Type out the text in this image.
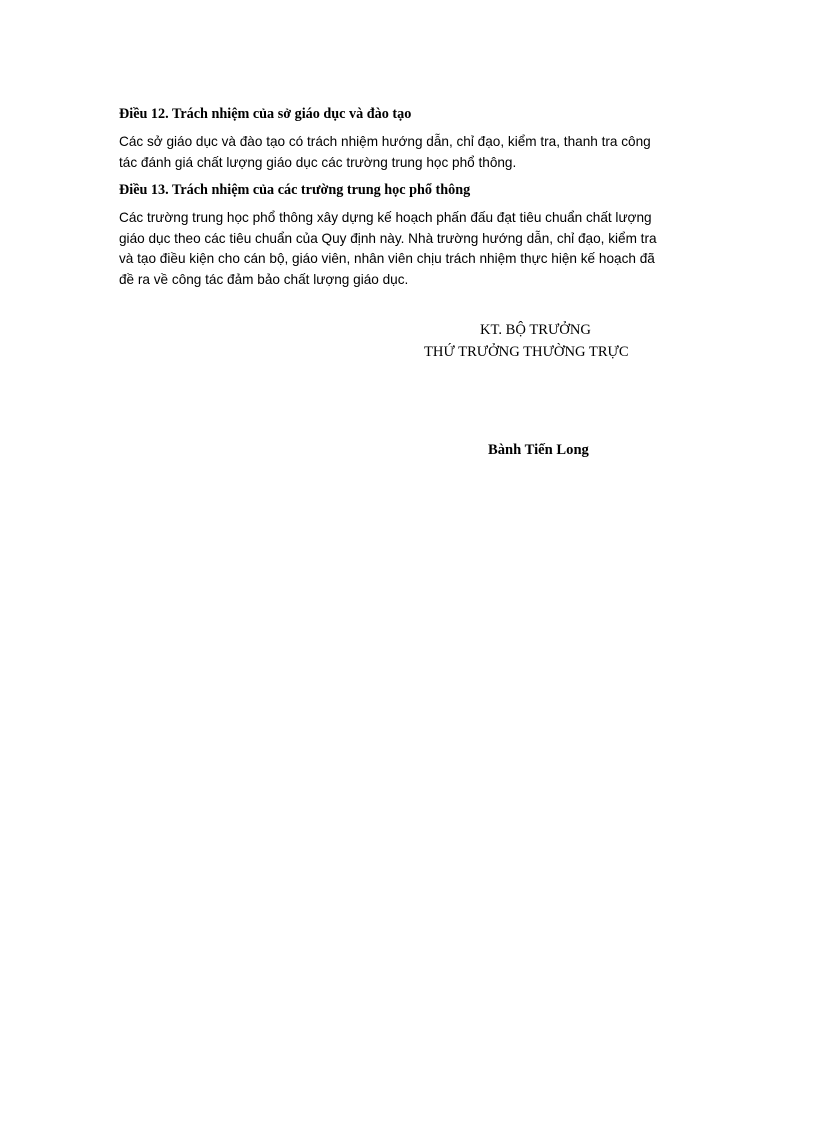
Điều 12. Trách nhiệm của sở giáo dục và đào tạo
Các sở giáo dục và đào tạo có trách nhiệm hướng dẫn, chỉ đạo, kiểm tra, thanh tra công
tác đánh giá chất lượng giáo dục các trường trung học phổ thông.
Điều 13. Trách nhiệm của các trường trung học phổ thông
Các trường trung học phổ thông xây dựng kế hoạch phấn đấu đạt tiêu chuẩn chất lượng
giáo dục theo các tiêu chuẩn của Quy định này. Nhà trường hướng dẫn, chỉ đạo, kiểm tra
và tạo điều kiện cho cán bộ, giáo viên, nhân viên chịu trách nhiệm thực hiện kế hoạch đã
đề ra về công tác đảm bảo chất lượng giáo dục.
KT. BỘ TRƯỞNG
THỨ TRƯỞNG THƯỜNG TRỰC
Bành Tiến Long
